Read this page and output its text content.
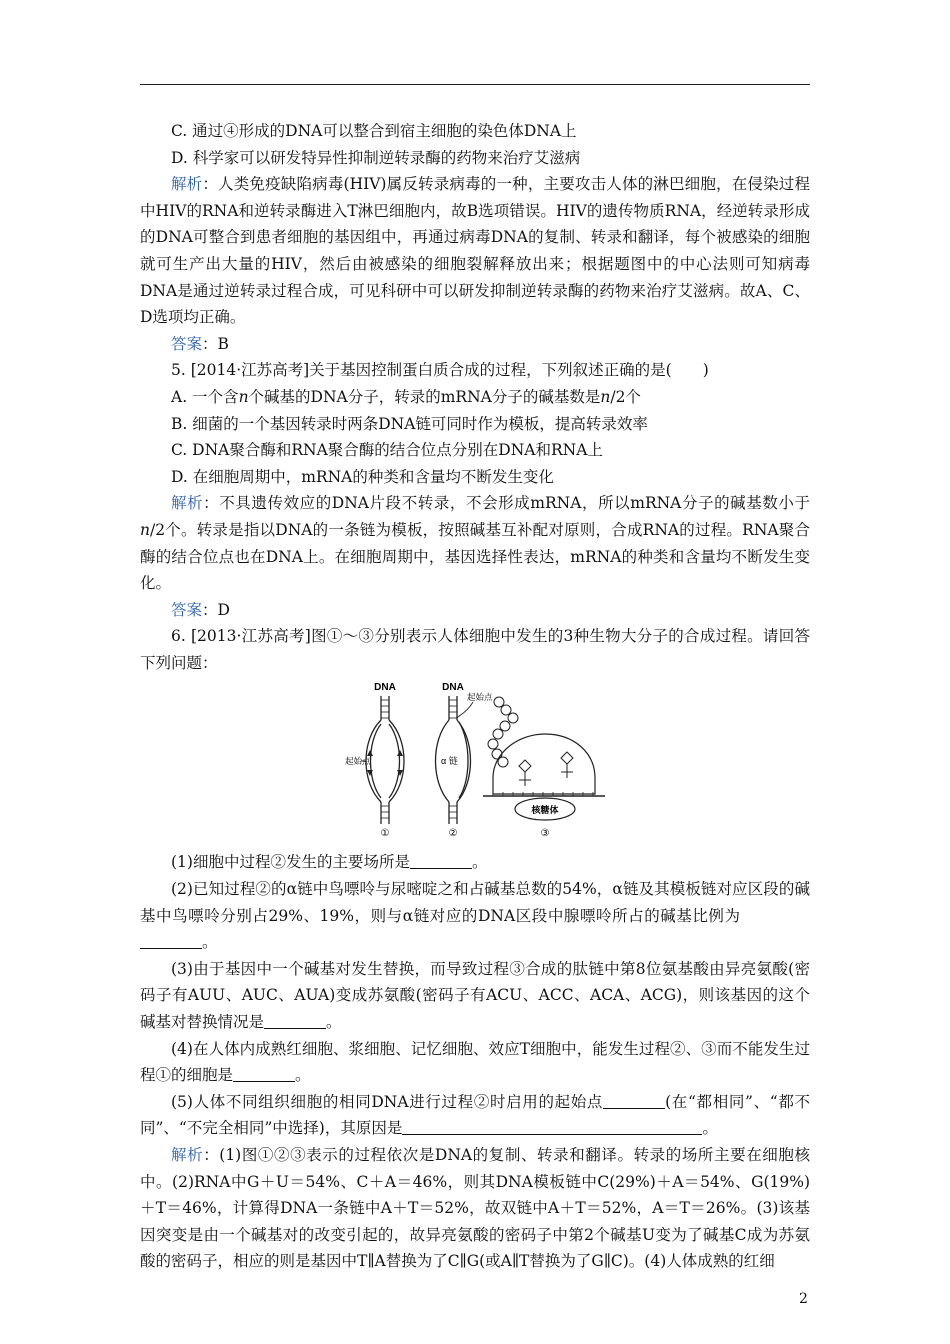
C. 通过④形成的DNA可以整合到宿主细胞的染色体DNA上

D. 科学家可以研发特异性抑制逆转录酶的药物来治疗艾滋病

解析：人类免疫缺陷病毒(HIV)属反转录病毒的一种，主要攻击人体的淋巴细胞，在侵染过程中HIV的RNA和逆转录酶进入T淋巴细胞内，故B选项错误。HIV的遗传物质RNA，经逆转录形成的DNA可整合到患者细胞的基因组中，再通过病毒DNA的复制、转录和翻译，每个被感染的细胞就可生产出大量的HIV，然后由被感染的细胞裂解释放出来；根据题图中的中心法则可知病毒DNA是通过逆转录过程合成，可见科研中可以研发抑制逆转录酶的药物来治疗艾滋病。故A、C、D选项均正确。

答案：B

5. [2014·江苏高考]关于基因控制蛋白质合成的过程，下列叙述正确的是(　　)

A. 一个含n个碱基的DNA分子，转录的mRNA分子的碱基数是n/2个

B. 细菌的一个基因转录时两条DNA链可同时作为模板，提高转录效率

C. DNA聚合酶和RNA聚合酶的结合位点分别在DNA和RNA上

D. 在细胞周期中，mRNA的种类和含量均不断发生变化

解析：不具遗传效应的DNA片段不转录，不会形成mRNA，所以mRNA分子的碱基数小于n/2个。转录是指以DNA的一条链为模板，按照碱基互补配对原则，合成RNA的过程。RNA聚合酶的结合位点也在DNA上。在细胞周期中，基因选择性表达，mRNA的种类和含量均不断发生变化。

答案：D

6. [2013·江苏高考]图①～③分别表示人体细胞中发生的3种生物大分子的合成过程。请回答下列问题：

DNA
起始点
①
DNA
起始点
α 链
②
核糖体
③

(1)细胞中过程②发生的主要场所是	。

(2)已知过程②的α链中鸟嘌呤与尿嘧啶之和占碱基总数的54%，α链及其模板链对应区段的碱基中鸟嘌呤分别占29%、19%，则与α链对应的DNA区段中腺嘌呤所占的碱基比例为。

(3)由于基因中一个碱基对发生替换，而导致过程③合成的肽链中第8位氨基酸由异亮氨酸(密码子有AUU、AUC、AUA)变成苏氨酸(密码子有ACU、ACC、ACA、ACG)，则该基因的这个碱基对替换情况是	。

(4)在人体内成熟红细胞、浆细胞、记忆细胞、效应T细胞中，能发生过程②、③而不能发生过程①的细胞是	。

(5)人体不同组织细胞的相同DNA进行过程②时启用的起始点	(在“都相同”、“都不同”、“不完全相同”中选择)，其原因是	。

解析：(1)图①②③表示的过程依次是DNA的复制、转录和翻译。转录的场所主要在细胞核中。(2)RNA中G＋U＝54%、C＋A＝46%，则其DNA模板链中C(29%)＋A＝54%、G(19%)＋T＝46%，计算得DNA一条链中A＋T＝52%，故双链中A＋T＝52%，A＝T＝26%。(3)该基因突变是由一个碱基对的改变引起的，故异亮氨酸的密码子中第2个碱基U变为了碱基C成为苏氨酸的密码子，相应的则是基因中T∥A替换为了C∥G(或A∥T替换为了G∥C)。(4)人体成熟的红细

2
